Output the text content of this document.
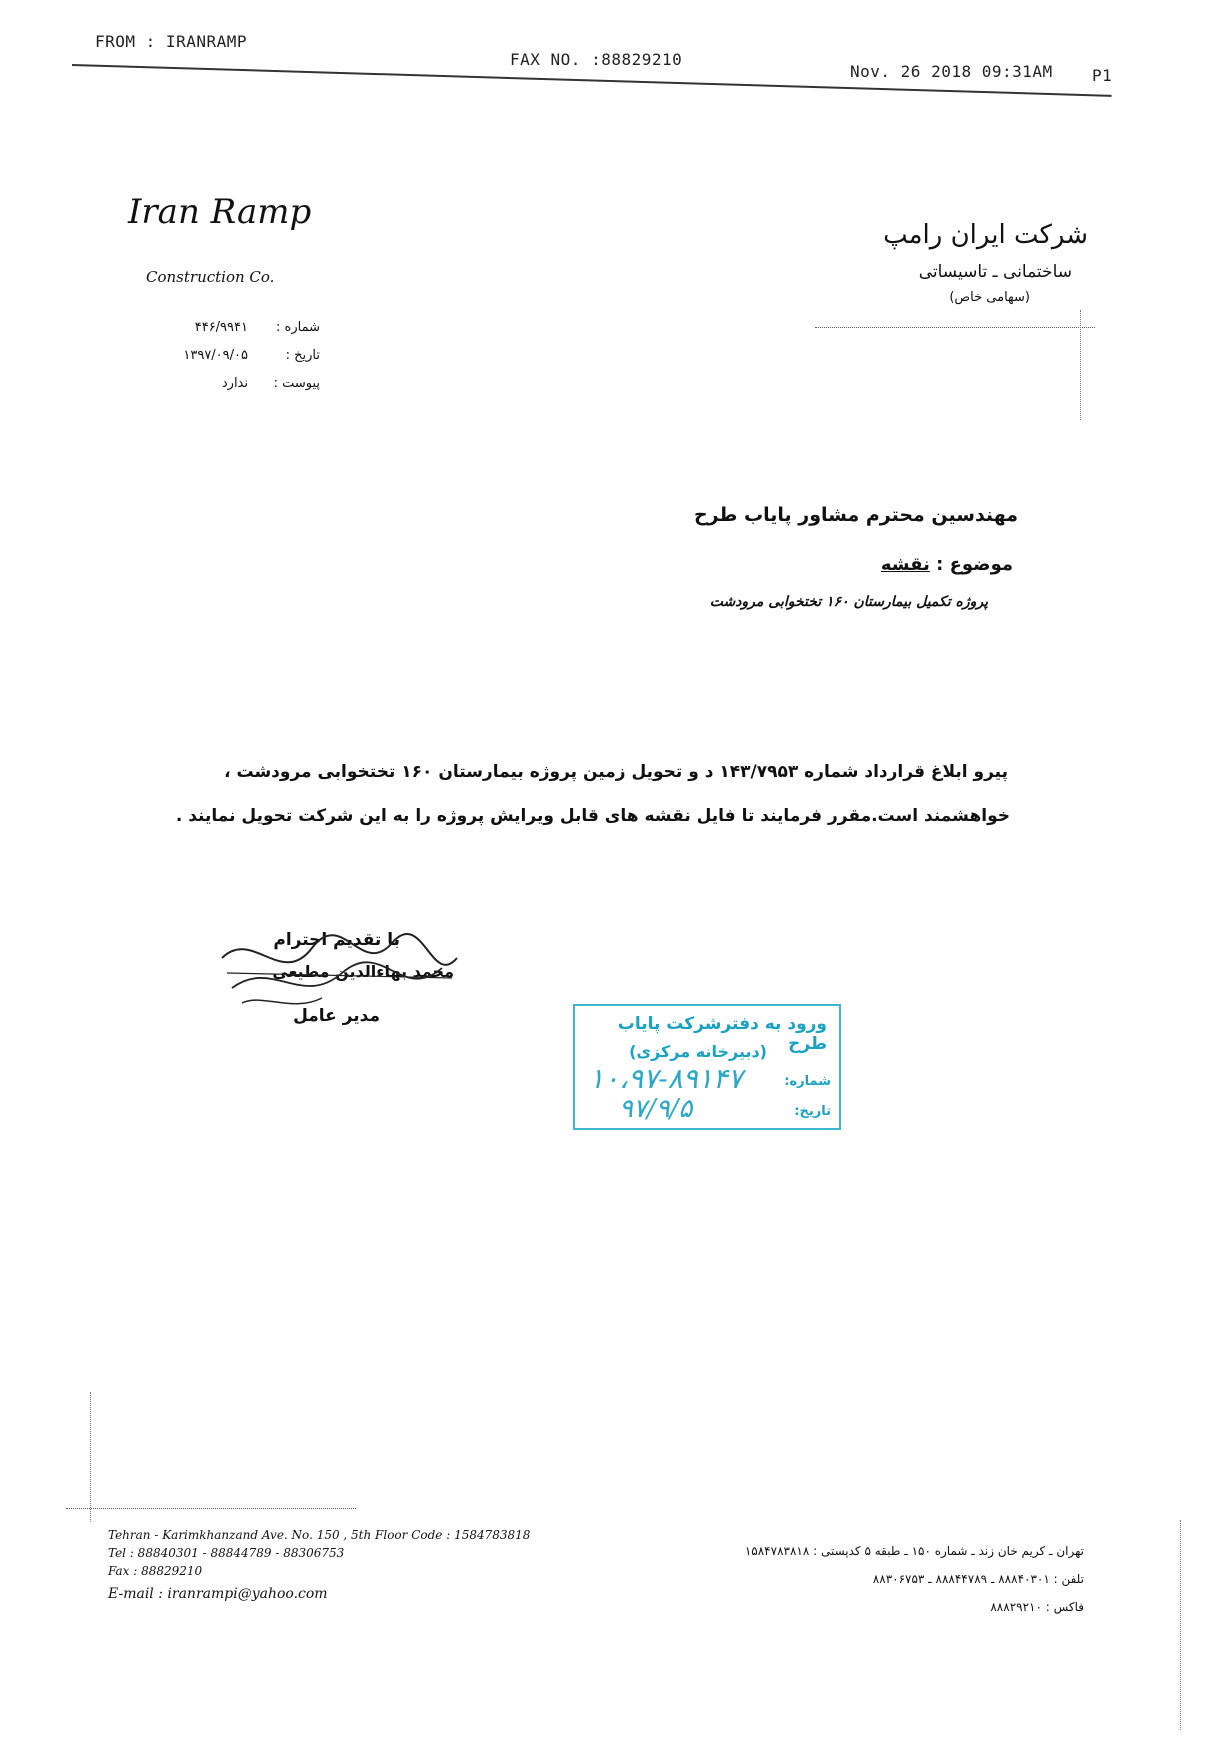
FROM : IRANRAMP
FAX NO. :88829210
Nov. 26 2018 09:31AM P1
Iran Ramp
Construction Co.
شرکت ایران رامپ
ساختمانی ـ تاسیساتی
(سهامی خاص)
شماره :
۴۴۶/۹۹۴۱
تاریخ :
۱۳۹۷/۰۹/۰۵
پیوست :
ندارد
مهندسین محترم مشاور پایاب طرح
موضوع : نقشه
پروژه تکمیل بیمارستان ۱۶۰ تختخوابی مرودشت
پیرو ابلاغ قرارداد شماره ۱۴۳/۷۹۵۳ د و تحویل زمین پروژه بیمارستان ۱۶۰ تختخوابی مرودشت ،
خواهشمند است.مقرر فرمایند تا فایل نقشه های قابل ویرایش پروژه را به این شرکت تحویل نمایند .
با تقدیم احترام
محمد بهاءالدین مطیعی
مدیر عامل	ورود به دفترشرکت پایاب طرح
(دبیرخانه مرکزی)
شماره:
۱۰،۹۷-۸۹۱۴۷
تاریخ:
۹۷/۹/۵
Tehran - Karimkhanzand Ave. No. 150 , 5th Floor Code : 1584783818
Tel : 88840301 - 88844789 - 88306753
Fax : 88829210
E-mail : iranrampi@yahoo.com
تهران ـ کریم خان زند ـ شماره ۱۵۰ ـ طبقه ۵ کدپستی : ۱۵۸۴۷۸۳۸۱۸
تلفن : ۸۸۸۴۰۳۰۱ ـ ۸۸۸۴۴۷۸۹ ـ ۸۸۳۰۶۷۵۳
فاکس : ۸۸۸۲۹۲۱۰
